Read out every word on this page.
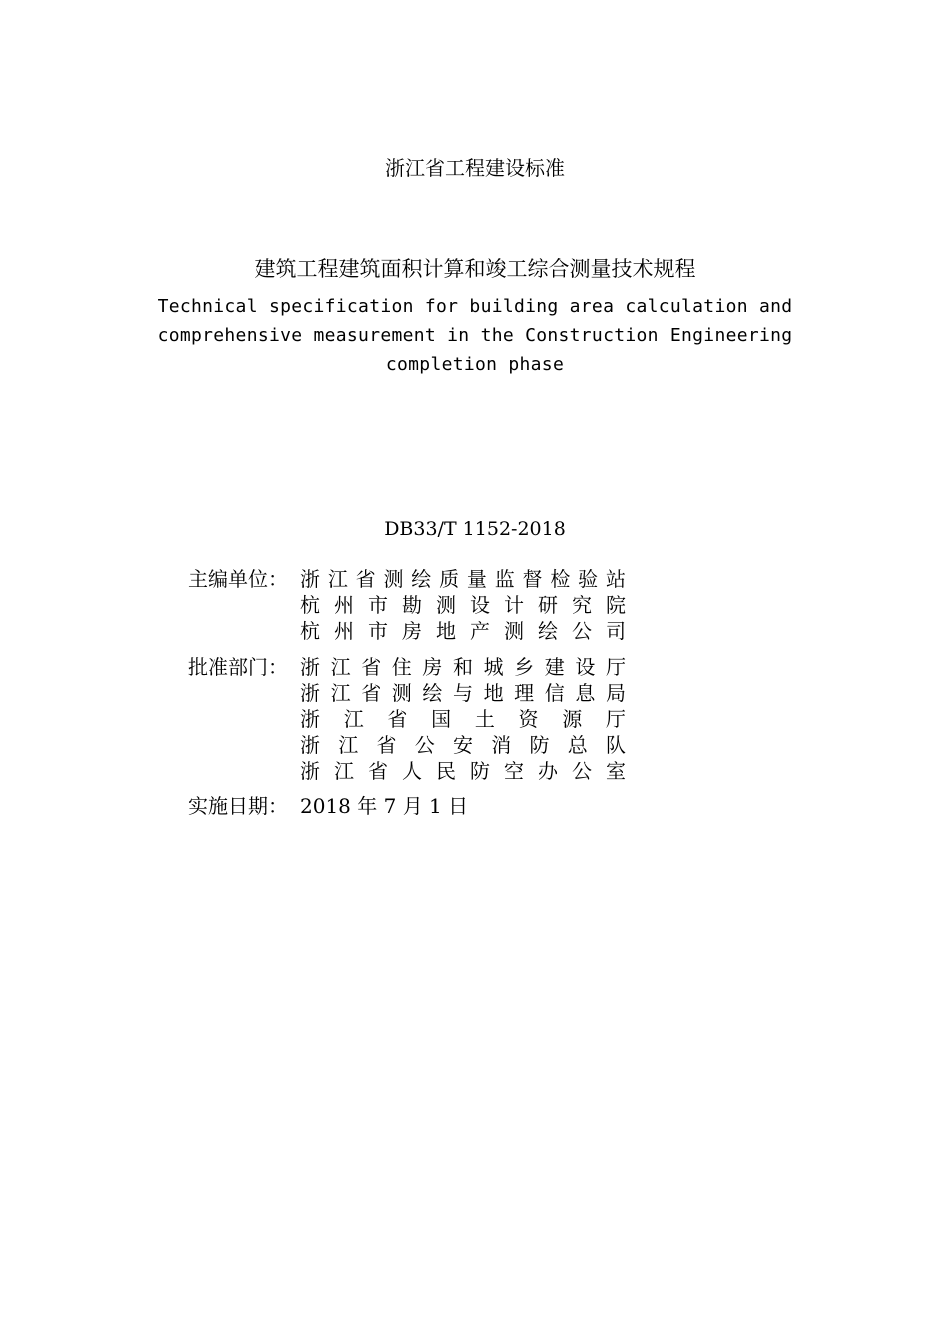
浙江省工程建设标准
建筑工程建筑面积计算和竣工综合测量技术规程
Technical specification for building area calculation and
comprehensive measurement in the Construction Engineering
completion phase
DB33/T 1152-2018
主编单位： 浙 江 省 测 绘 质 量 监 督 检 验 站
杭 州 市 勘 测 设 计 研 究 院
杭 州 市 房 地 产 测 绘 公 司
批准部门： 浙 江 省 住 房 和 城 乡 建 设 厅
浙 江 省 测 绘 与 地 理 信 息 局
浙 江 省 国 土 资 源 厅
浙 江 省 公 安 消 防 总 队
浙 江 省 人 民 防 空 办 公 室
实施日期： 2018 年 7 月 1 日
